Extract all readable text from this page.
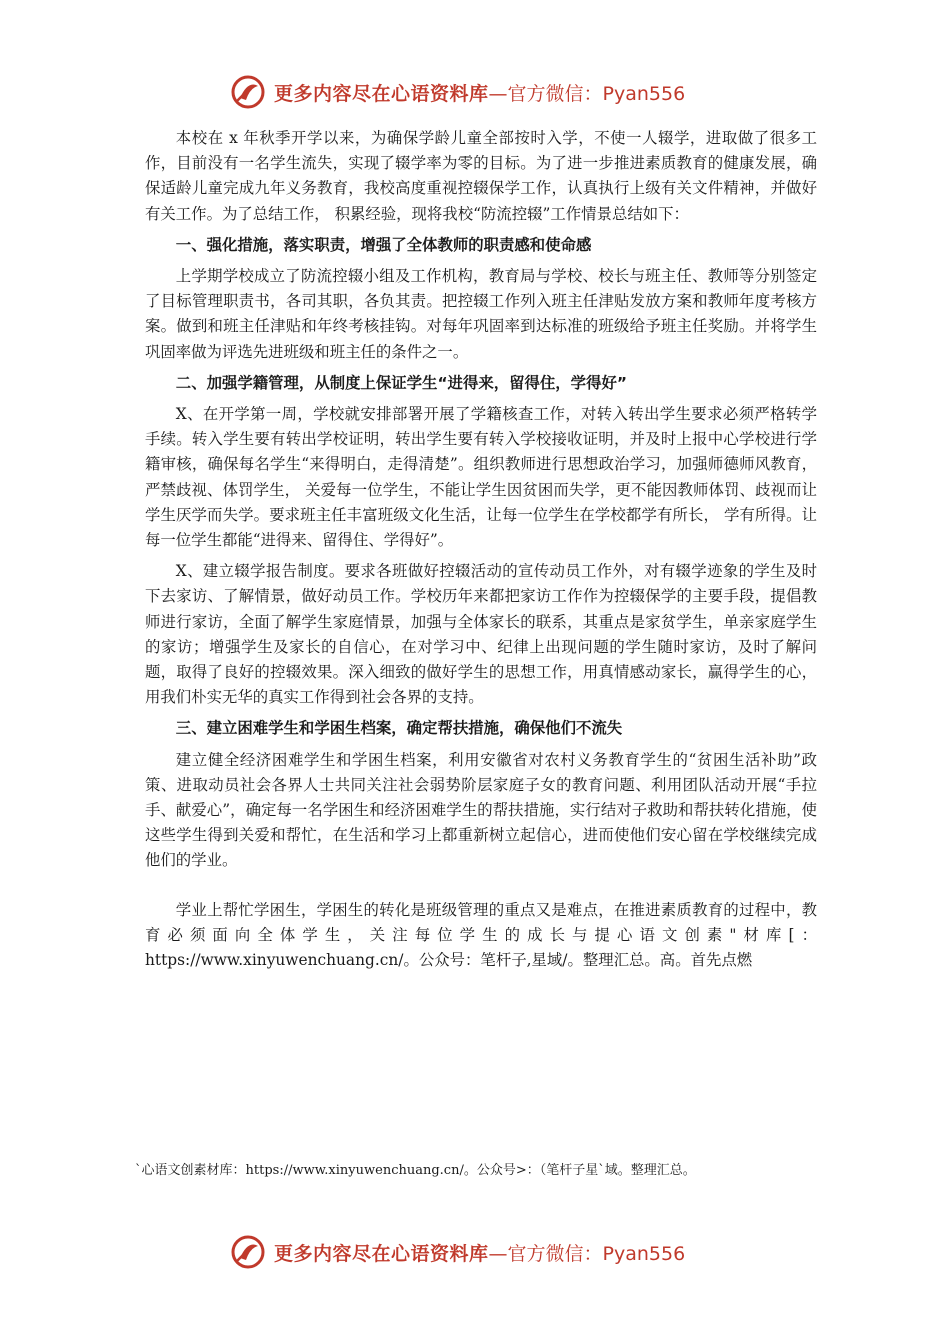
更多内容尽在心语资料库 —官方微信：Pyan556

本校在 x 年秋季开学以来，为确保学龄儿童全部按时入学，不使一人辍学，进取做了很多工作，目前没有一名学生流失，实现了辍学率为零的目标。为了进一步推进素质教育的健康发展，确保适龄儿童完成九年义务教育，我校高度重视控辍保学工作，认真执行上级有关文件精神，并做好有关工作。为了总结工作， 积累经验，现将我校“防流控辍”工作情景总结如下：

一、强化措施，落实职责，增强了全体教师的职责感和使命感

上学期学校成立了防流控辍小组及工作机构，教育局与学校、校长与班主任、教师等分别签定了目标管理职责书，各司其职，各负其责。把控辍工作列入班主任津贴发放方案和教师年度考核方案。做到和班主任津贴和年终考核挂钩。对每年巩固率到达标准的班级给予班主任奖励。并将学生巩固率做为评选先进班级和班主任的条件之一。

二、加强学籍管理，从制度上保证学生“进得来，留得住，学得好”

X、在开学第一周，学校就安排部署开展了学籍核查工作，对转入转出学生要求必须严格转学手续。转入学生要有转出学校证明，转出学生要有转入学校接收证明，并及时上报中心学校进行学籍审核，确保每名学生“来得明白，走得清楚”。组织教师进行思想政治学习，加强师德师风教育，严禁歧视、体罚学生， 关爱每一位学生，不能让学生因贫困而失学，更不能因教师体罚、歧视而让学生厌学而失学。要求班主任丰富班级文化生活，让每一位学生在学校都学有所长， 学有所得。让每一位学生都能“进得来、留得住、学得好”。

X、建立辍学报告制度。要求各班做好控辍活动的宣传动员工作外，对有辍学迹象的学生及时下去家访、了解情景，做好动员工作。学校历年来都把家访工作作为控辍保学的主要手段，提倡教师进行家访，全面了解学生家庭情景，加强与全体家长的联系，其重点是家贫学生，单亲家庭学生的家访；增强学生及家长的自信心，在对学习中、纪律上出现问题的学生随时家访，及时了解问题，取得了良好的控辍效果。深入细致的做好学生的思想工作，用真情感动家长，赢得学生的心，用我们朴实无华的真实工作得到社会各界的支持。

三、建立困难学生和学困生档案，确定帮扶措施，确保他们不流失

建立健全经济困难学生和学困生档案，利用安徽省对农村义务教育学生的“贫困生活补助”政策、进取动员社会各界人士共同关注社会弱势阶层家庭子女的教育问题、利用团队活动开展“手拉手、献爱心”，确定每一名学困生和经济困难学生的帮扶措施，实行结对子救助和帮扶转化措施，使这些学生得到关爱和帮忙，在生活和学习上都重新树立起信心，进而使他们安心留在学校继续完成他们的学业。

学业上帮忙学困生，学困生的转化是班级管理的重点又是难点，在推进素质教育的过程中，教育必须面向全体学生，关注每位学生的成长与提心语文创素"材库[：https://www.xinyuwenchuang.cn/。公众号：笔杆子,星域/。整理汇总。高。首先点燃

`心语文创素材库：https://www.xinyuwenchuang.cn/。公众号>：（笔杆子星`域。整理汇总。

更多内容尽在心语资料库 —官方微信：Pyan556
